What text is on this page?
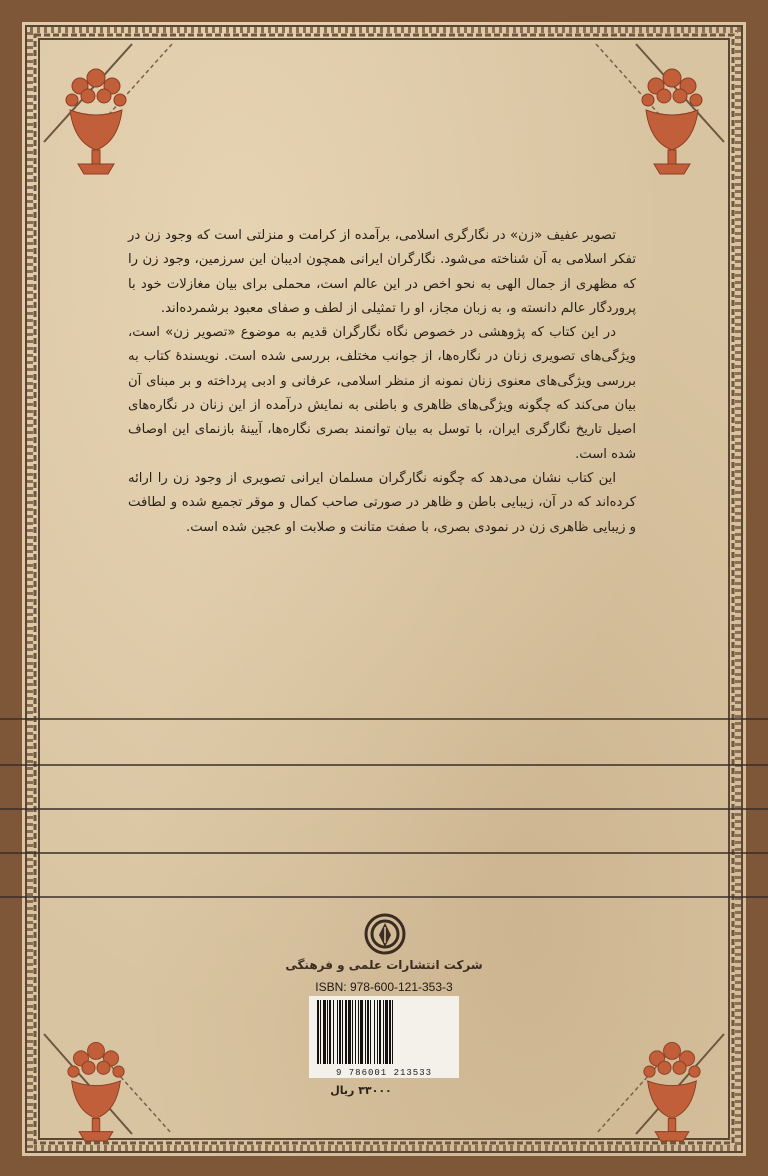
تصویر عفیف «زن» در نگارگری اسلامی، برآمده از کرامت و منزلتی است که وجود زن در تفکر اسلامی به آن شناخته می‌شود. نگارگران ایرانی همچون ادیبان این سرزمین، وجود زن را که مظهری از جمال الهی به نحو اخص در این عالم است، محملی برای بیان مغازلات خود با پروردگار عالم دانسته و، به زبان مجاز، او را تمثیلی از لطف و صفای معبود برشمرده‌اند.

در این کتاب که پژوهشی در خصوص نگاه نگارگران قدیم به موضوع «تصویر زن» است، ویژگی‌های تصویری زنان در نگاره‌ها، از جوانب مختلف، بررسی شده است. نویسندهٔ کتاب به بررسی ویژگی‌های معنوی زنان نمونه از منظر اسلامی، عرفانی و ادبی پرداخته و بر مبنای آن بیان می‌کند که چگونه ویژگی‌های ظاهری و باطنی به نمایش درآمده از این زنان در نگاره‌های اصیل تاریخ نگارگری ایران، با توسل به بیان توانمند بصری نگاره‌ها، آیینهٔ بازنمای این اوصاف شده است.

این کتاب نشان می‌دهد که چگونه نگارگران مسلمان ایرانی تصویری از وجود زن را ارائه کرده‌اند که در آن، زیبایی باطن و ظاهر در صورتی صاحب کمال و موقر تجمیع شده و لطافت و زیبایی ظاهری زن در نمودی بصری، با صفت متانت و صلابت او عجین شده است.

شرکت انتشارات علمی و فرهنگی
ISBN: 978-600-121-353-3
9 786001 213533
۳۳۰۰۰ ریال
